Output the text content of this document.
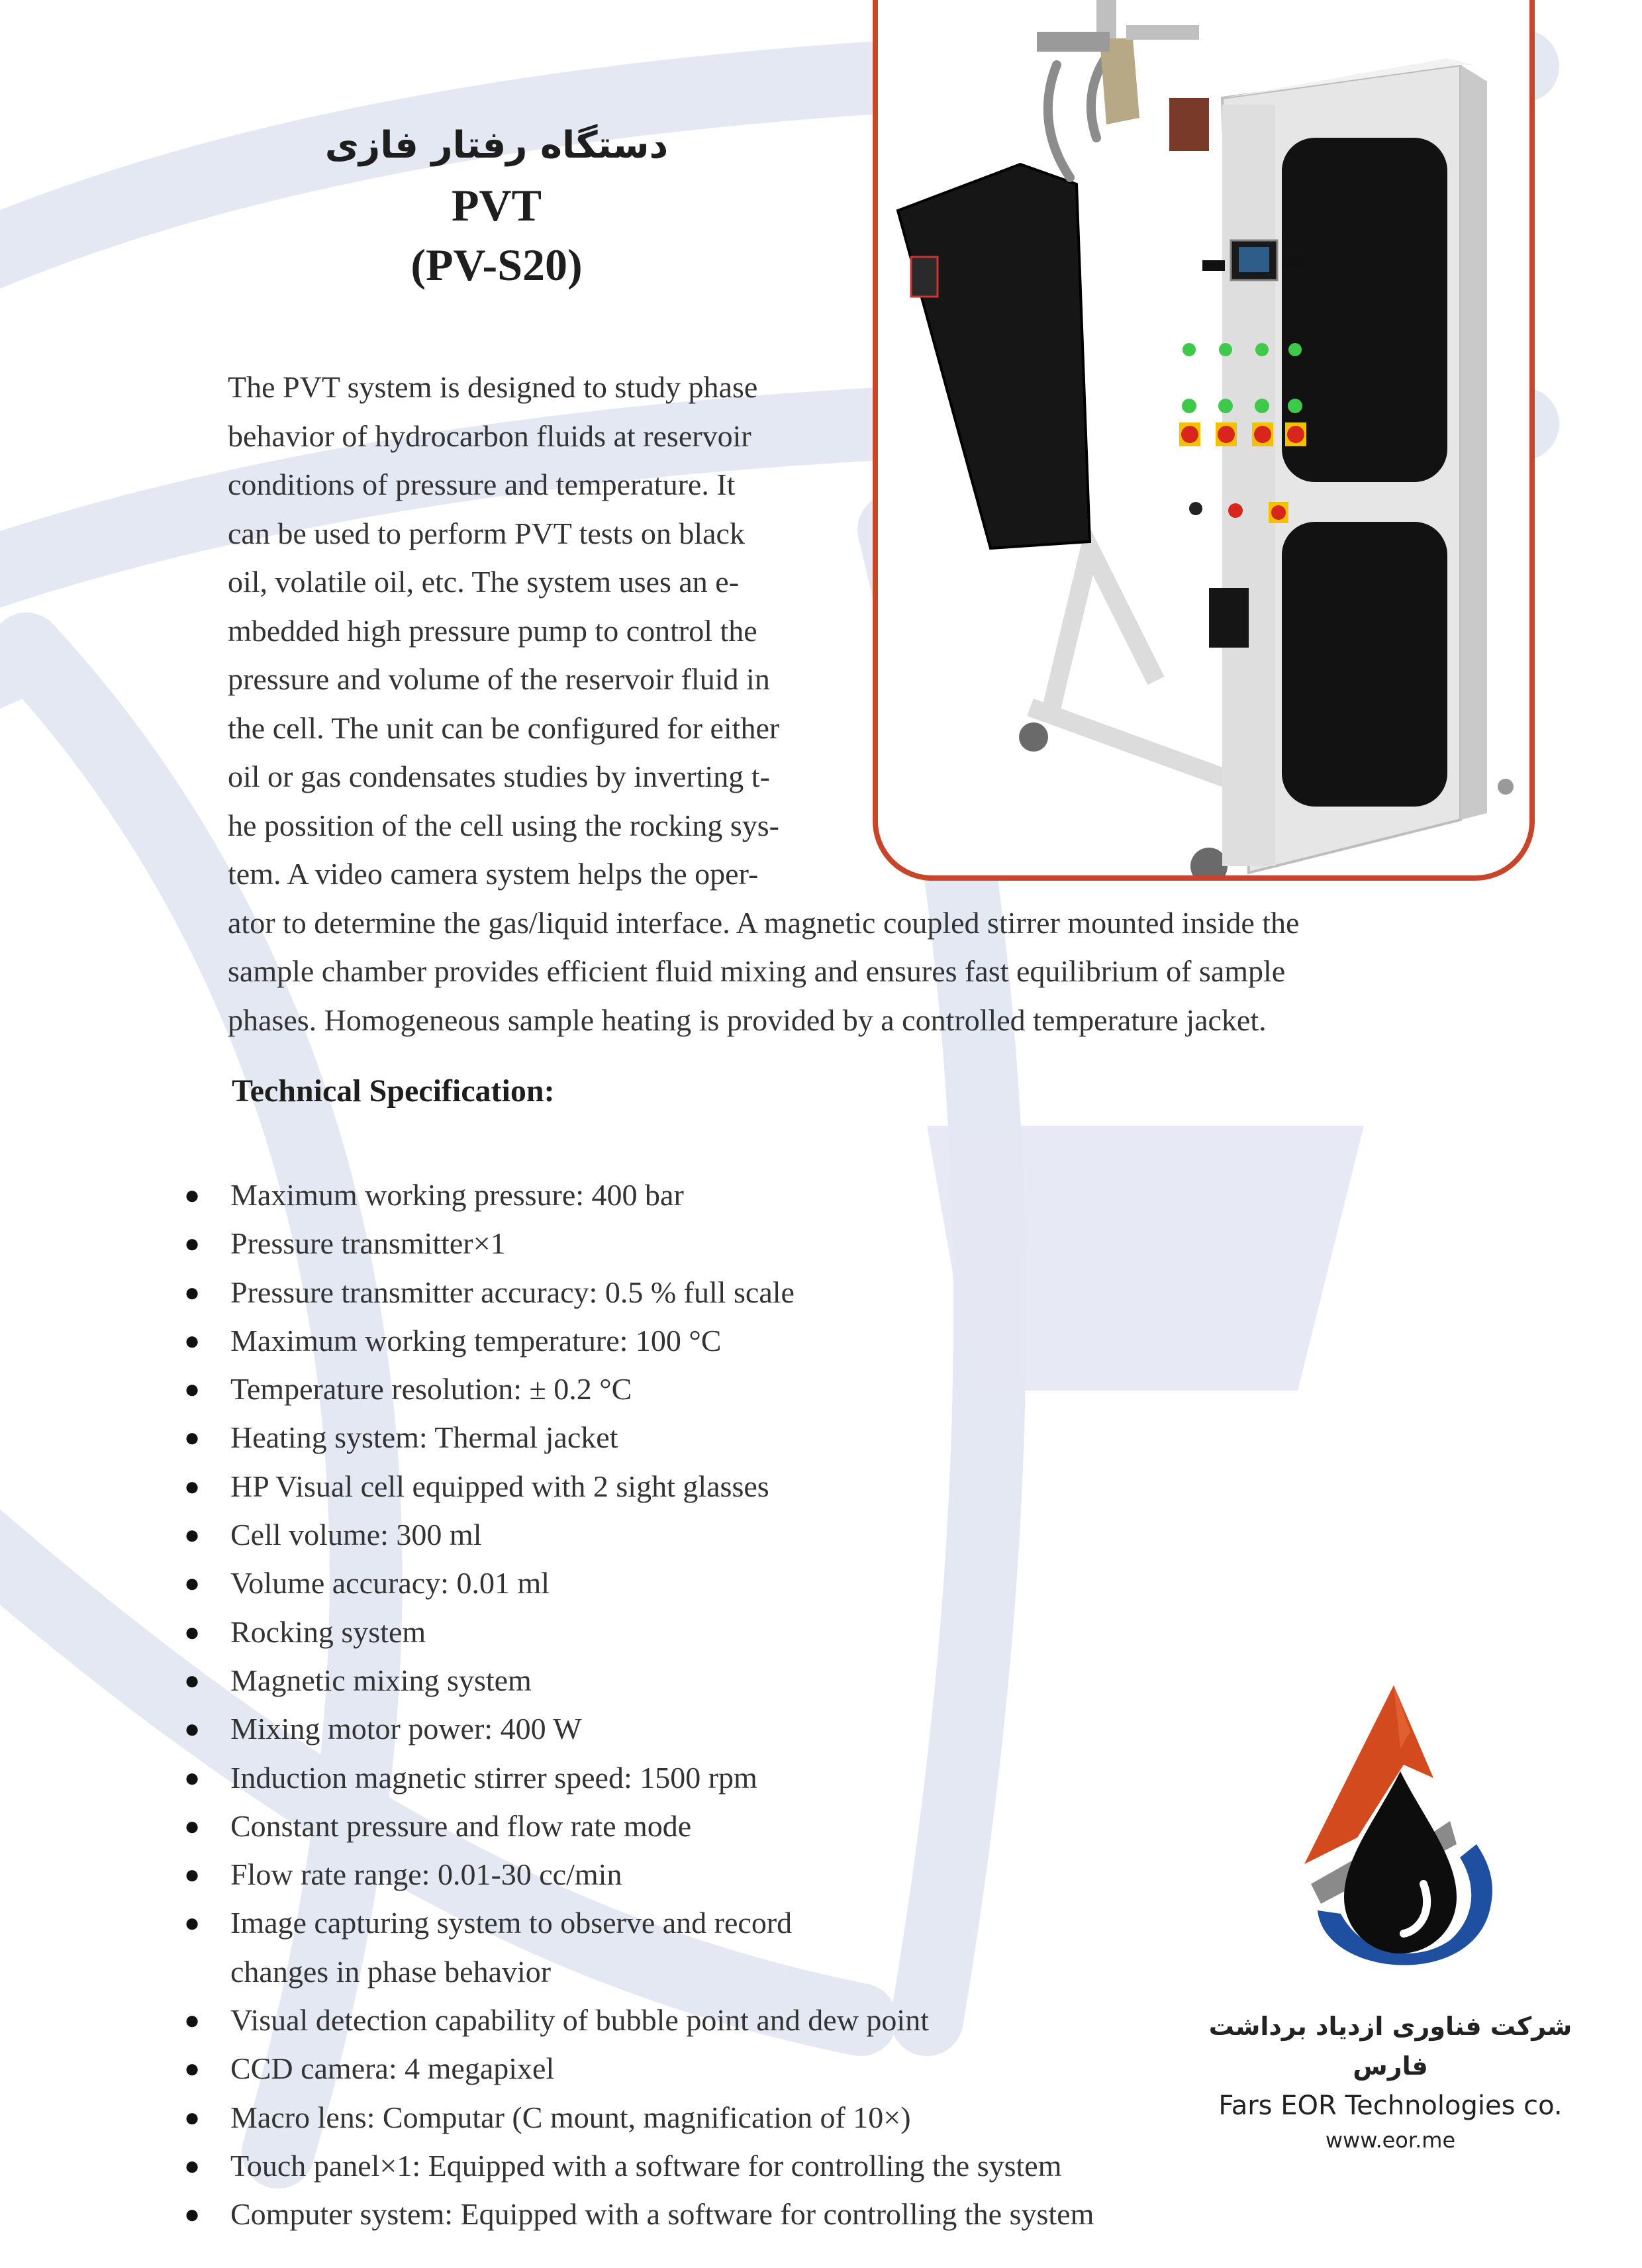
دستگاه رفتار فازی
PVT
(PV-S20)
The PVT system is designed to study phase
behavior of hydrocarbon fluids at reservoir
conditions of pressure and temperature. It
can be used to perform PVT tests on black
oil, volatile oil, etc. The system uses an e-
mbedded high pressure pump to control the
pressure and volume of the reservoir fluid in
the cell. The unit can be configured for either
oil or gas condensates studies by inverting t-
he possition of the cell using the rocking sys-
tem. A video camera system helps the oper-
ator to determine the gas/liquid interface. A magnetic coupled stirrer mounted inside the
sample chamber provides efficient fluid mixing and ensures fast equilibrium of sample
phases. Homogeneous sample heating is provided by a controlled temperature jacket.
Technical Specification:
● Maximum working pressure: 400 bar
● Pressure transmitter×1
● Pressure transmitter accuracy: 0.5 % full scale
● Maximum working temperature: 100 °C
● Temperature resolution: ± 0.2 °C
● Heating system: Thermal jacket
● HP Visual cell equipped with 2 sight glasses
● Cell volume: 300 ml
● Volume accuracy: 0.01 ml
● Rocking system
● Magnetic mixing system
● Mixing motor power: 400 W
● Induction magnetic stirrer speed: 1500 rpm
● Constant pressure and flow rate mode
● Flow rate range: 0.01-30 cc/min
● Image capturing system to observe and record
changes in phase behavior
● Visual detection capability of bubble point and dew point
● CCD camera: 4 megapixel
● Macro lens: Computar (C mount, magnification of 10×)
● Touch panel×1: Equipped with a software for controlling the system
● Computer system: Equipped with a software for controlling the system
شرکت فناوری ازدیاد برداشت فارس
Fars EOR Technologies co.
www.eor.me
